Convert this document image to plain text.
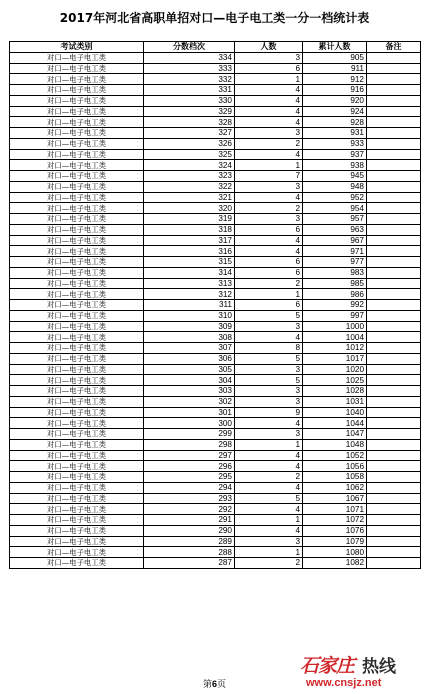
2017年河北省高职单招对口—电子电工类一分一档统计表
考试类别	分数档次	人数	累计人数	备注
对口—电子电工类	334	3	905	
对口—电子电工类	333	6	911	
对口—电子电工类	332	1	912	
对口—电子电工类	331	4	916	
对口—电子电工类	330	4	920	
对口—电子电工类	329	4	924	
对口—电子电工类	328	4	928	
对口—电子电工类	327	3	931	
对口—电子电工类	326	2	933	
对口—电子电工类	325	4	937	
对口—电子电工类	324	1	938	
对口—电子电工类	323	7	945	
对口—电子电工类	322	3	948	
对口—电子电工类	321	4	952	
对口—电子电工类	320	2	954	
对口—电子电工类	319	3	957	
对口—电子电工类	318	6	963	
对口—电子电工类	317	4	967	
对口—电子电工类	316	4	971	
对口—电子电工类	315	6	977	
对口—电子电工类	314	6	983	
对口—电子电工类	313	2	985	
对口—电子电工类	312	1	986	
对口—电子电工类	311	6	992	
对口—电子电工类	310	5	997	
对口—电子电工类	309	3	1000	
对口—电子电工类	308	4	1004	
对口—电子电工类	307	8	1012	
对口—电子电工类	306	5	1017	
对口—电子电工类	305	3	1020	
对口—电子电工类	304	5	1025	
对口—电子电工类	303	3	1028	
对口—电子电工类	302	3	1031	
对口—电子电工类	301	9	1040	
对口—电子电工类	300	4	1044	
对口—电子电工类	299	3	1047	
对口—电子电工类	298	1	1048	
对口—电子电工类	297	4	1052	
对口—电子电工类	296	4	1056	
对口—电子电工类	295	2	1058	
对口—电子电工类	294	4	1062	
对口—电子电工类	293	5	1067	
对口—电子电工类	292	4	1071	
对口—电子电工类	291	1	1072	
对口—电子电工类	290	4	1076	
对口—电子电工类	289	3	1079	
对口—电子电工类	288	1	1080	
对口—电子电工类	287	2	1082	
第6页
石家庄 热线
www.cnsjz.net
